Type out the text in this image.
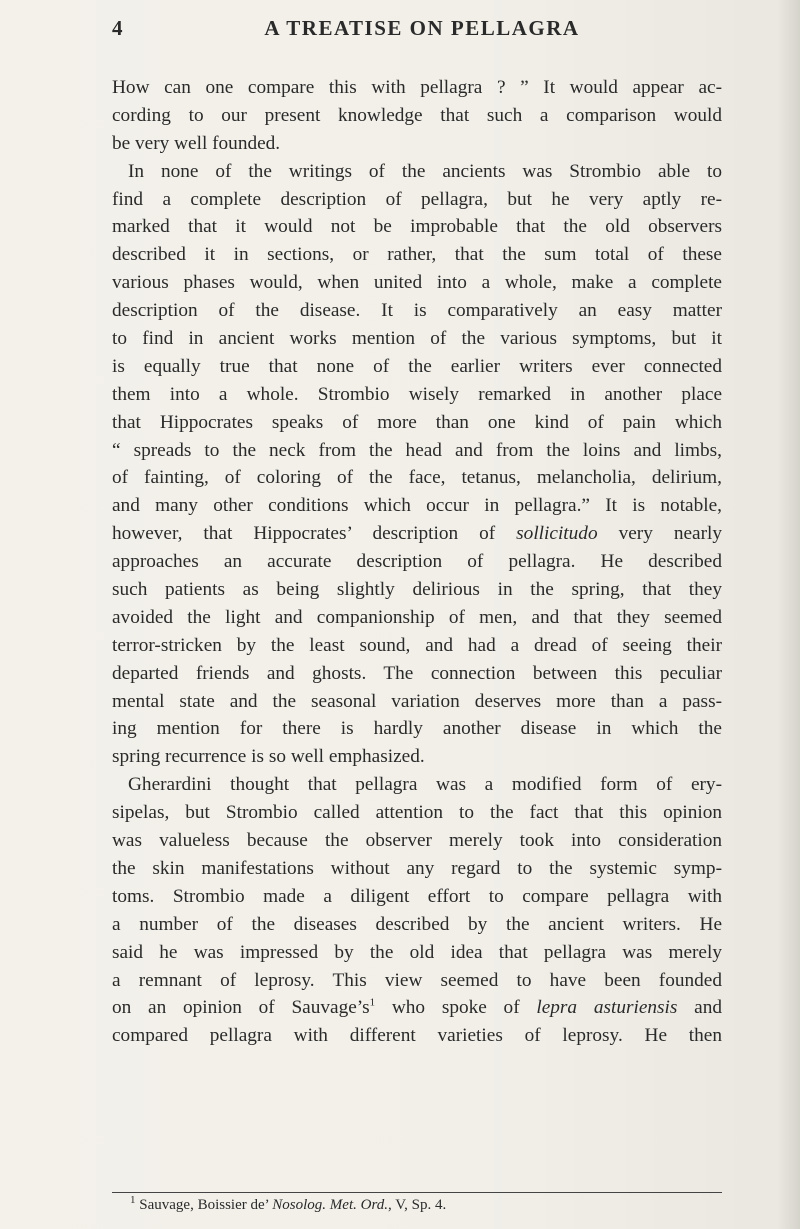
4	A TREATISE ON PELLAGRA
How can one compare this with pellagra ? ” It would appear ac-
cording to our present knowledge that such a comparison would
be very well founded.
In none of the writings of the ancients was Strombio able to
find a complete description of pellagra, but he very aptly re-
marked that it would not be improbable that the old observers
described it in sections, or rather, that the sum total of these
various phases would, when united into a whole, make a complete
description of the disease. It is comparatively an easy matter
to find in ancient works mention of the various symptoms, but it
is equally true that none of the earlier writers ever connected
them into a whole. Strombio wisely remarked in another place
that Hippocrates speaks of more than one kind of pain which
“ spreads to the neck from the head and from the loins and limbs,
of fainting, of coloring of the face, tetanus, melancholia, delirium,
and many other conditions which occur in pellagra.” It is notable,
however, that Hippocrates’ description of sollicitudo very nearly
approaches an accurate description of pellagra. He described
such patients as being slightly delirious in the spring, that they
avoided the light and companionship of men, and that they seemed
terror-stricken by the least sound, and had a dread of seeing their
departed friends and ghosts. The connection between this peculiar
mental state and the seasonal variation deserves more than a pass-
ing mention for there is hardly another disease in which the
spring recurrence is so well emphasized.
Gherardini thought that pellagra was a modified form of ery-
sipelas, but Strombio called attention to the fact that this opinion
was valueless because the observer merely took into consideration
the skin manifestations without any regard to the systemic symp-
toms. Strombio made a diligent effort to compare pellagra with
a number of the diseases described by the ancient writers. He
said he was impressed by the old idea that pellagra was merely
a remnant of leprosy. This view seemed to have been founded
on an opinion of $Sauvage’s^1$ who spoke of lepra asturiensis and
compared pellagra with different varieties of leprosy. He then
$^1$ Sauvage, Boissier de’ Nosolog. Met. Ord., V, Sp. 4.
